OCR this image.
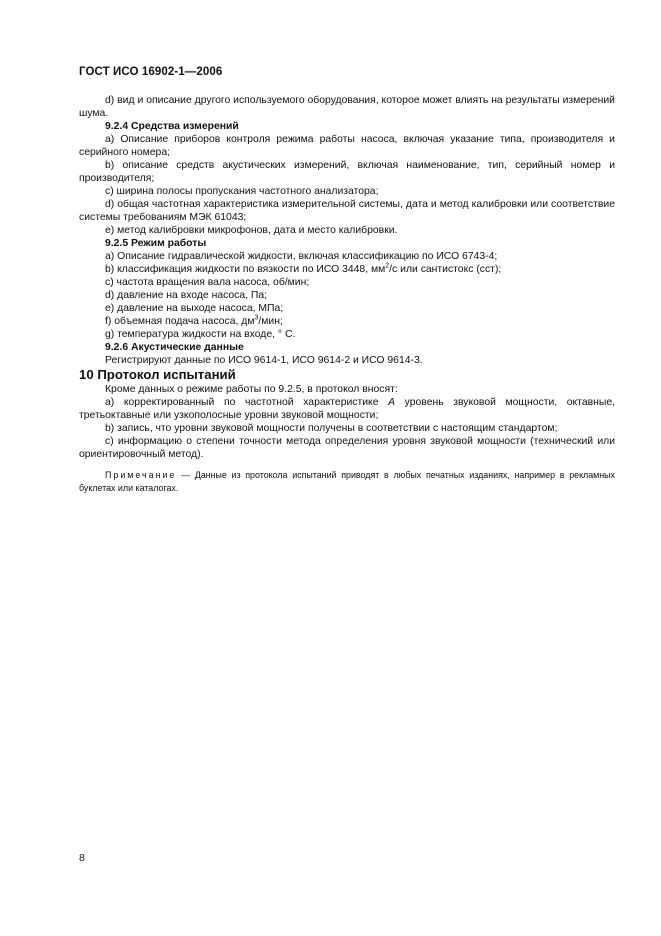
ГОСТ ИСО 16902-1—2006

d) вид и описание другого используемого оборудования, которое может влиять на результаты измерений шума.

9.2.4 Средства измерений

a) Описание приборов контроля режима работы насоса, включая указание типа, производителя и серийного номера;

b) описание средств акустических измерений, включая наименование, тип, серийный номер и производителя;

c) ширина полосы пропускания частотного анализатора;

d) общая частотная характеристика измерительной системы, дата и метод калибровки или соответствие системы требованиям МЭК 61043;

e) метод калибровки микрофонов, дата и место калибровки.

9.2.5 Режим работы

a) Описание гидравлической жидкости, включая классификацию по ИСО 6743-4;

b) классификация жидкости по вязкости по ИСО 3448, $мм^2/с$ или сантистокс (сст);

c) частота вращения вала насоса, об/мин;

d) давление на входе насоса, Па;

e) давление на выходе насоса, МПа;

f) объемная подача насоса, $дм^3$/мин;

g) температура жидкости на входе, ° С.

9.2.6 Акустические данные

Регистрируют данные по ИСО 9614-1, ИСО 9614-2 и ИСО 9614-3.

10 Протокол испытаний

Кроме данных о режиме работы по 9.2.5, в протокол вносят:

a) корректированный по частотной характеристике А уровень звуковой мощности, октавные, третьоктавные или узкополосные уровни звуковой мощности;

b) запись, что уровни звуковой мощности получены в соответствии с настоящим стандартом;

c) информацию о степени точности метода определения уровня звуковой мощности (технический или ориентировочный метод).

Примечание — Данные из протокола испытаний приводят в любых печатных изданиях, например в рекламных буклетах или каталогах.

8
